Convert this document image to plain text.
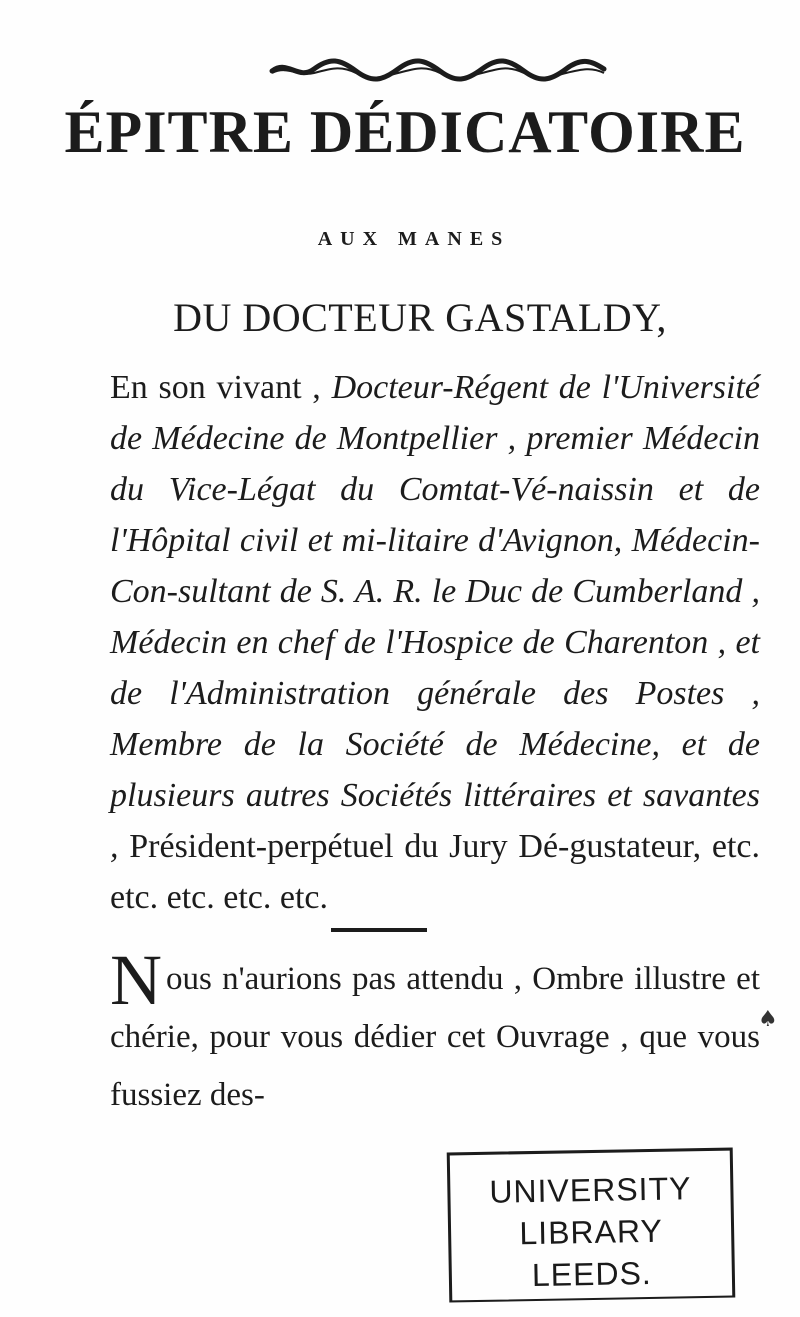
ÉPITRE DÉDICATOIRE
AUX MANES
DU DOCTEUR GASTALDY,

En son vivant , Docteur-Régent de l'Université de Médecine de Montpellier , premier Médecin du Vice-Légat du Comtat-Vé-naissin et de l'Hôpital civil et mi-litaire d'Avignon, Médecin-Con-sultant de S. A. R. le Duc de Cumberland , Médecin en chef de l'Hospice de Charenton , et de l'Administration générale des Postes , Membre de la Société de Médecine, et de plusieurs autres Sociétés littéraires et savantes , Président-perpétuel du Jury Dé-gustateur, etc. etc. etc. etc. etc.

Nous n'aurions pas attendu , Ombre illustre et chérie, pour vous dédier cet Ouvrage , que vous fussiez des-

♠
UNIVERSITY
LIBRARY
LEEDS.
